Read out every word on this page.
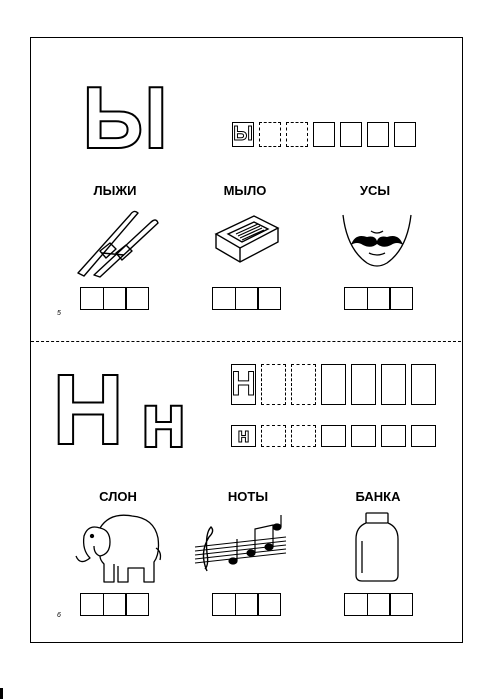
Ы	Ы
ЛЫЖИ	МЫЛО	УСЫ
5
Н н Н
н
СЛОН	НОТЫ	БАНКА
6
